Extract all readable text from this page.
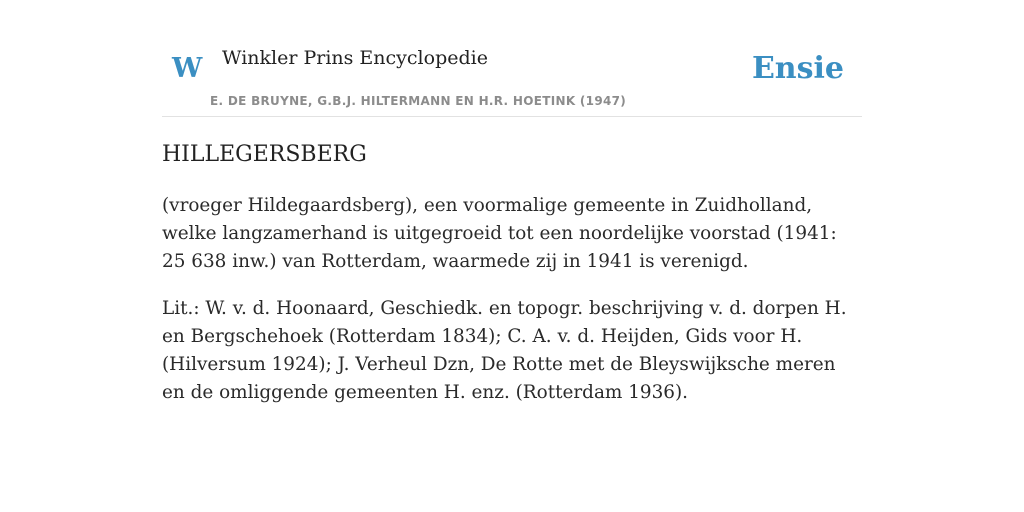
W Winkler Prins Encyclopedie
E. DE BRUYNE, G.B.J. HILTERMANN EN H.R. HOETINK (1947)
Ensie
HILLEGERSBERG

(vroeger Hildegaardsberg), een voormalige gemeente in Zuidholland, welke langzamerhand is uitgegroeid tot een noordelijke voorstad (1941: 25 638 inw.) van Rotterdam, waarmede zij in 1941 is verenigd.

Lit.: W. v. d. Hoonaard, Geschiedk. en topogr. beschrijving v. d. dorpen H. en Bergschehoek (Rotterdam 1834); C. A. v. d. Heijden, Gids voor H. (Hilversum 1924); J. Verheul Dzn, De Rotte met de Bleyswijksche meren en de omliggende gemeenten H. enz. (Rotterdam 1936).
